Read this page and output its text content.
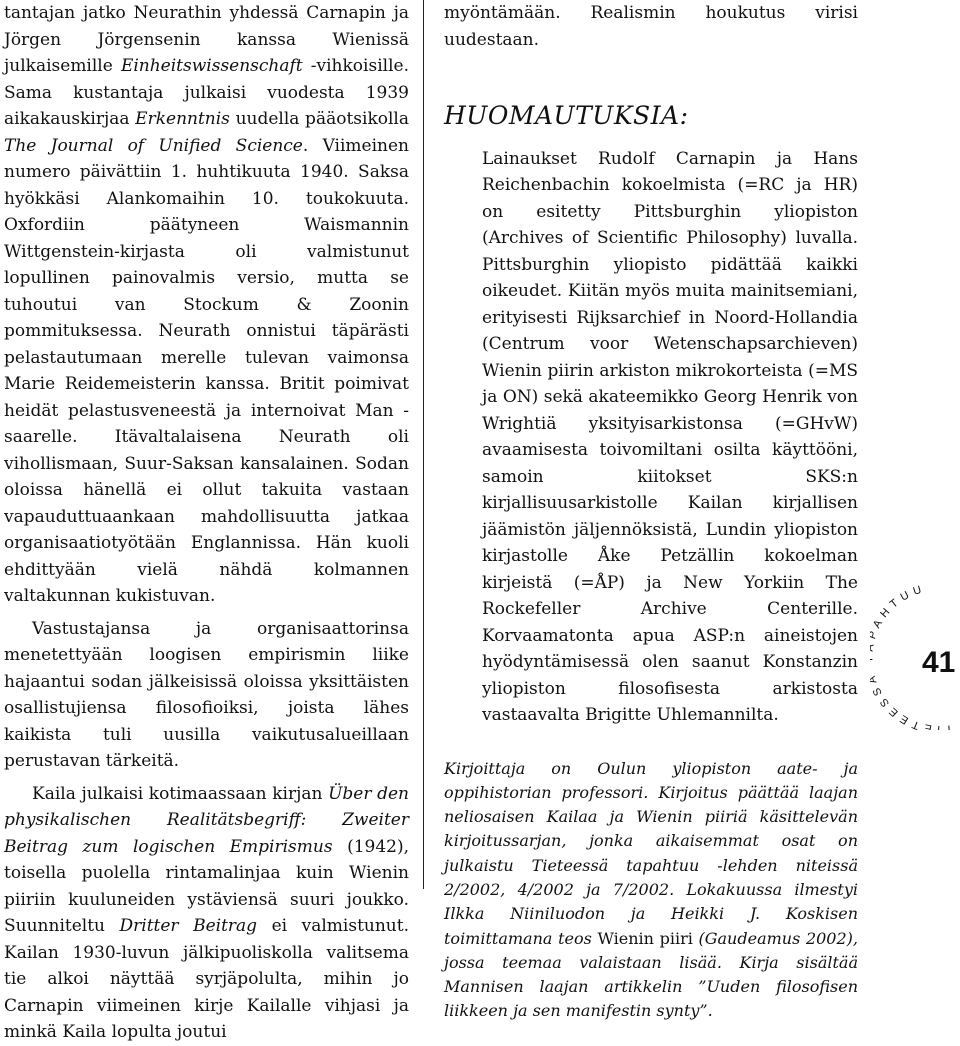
tantajan jatko Neurathin yhdessä Carnapin ja Jörgen Jörgensenin kanssa Wienissä julkaisemille Einheitswissenschaft -vihkoisille. Sama kustantaja julkaisi vuodesta 1939 aikakauskirjaa Erkenntnis uudella pääotsikolla The Journal of Unified Science. Viimeinen numero päivättiin 1. huhtikuuta 1940. Saksa hyökkäsi Alankomaihin 10. toukokuuta. Oxfordiin päätyneen Waismannin Wittgenstein-kirjasta oli valmistunut lopullinen painovalmis versio, mutta se tuhoutui van Stockum & Zoonin pommituksessa. Neurath onnistui täpärästi pelastautumaan merelle tulevan vaimonsa Marie Reidemeisterin kanssa. Britit poimivat heidät pelastusveneestä ja internoivat Man -saarelle. Itävaltalaisena Neurath oli vihollismaan, Suur-Saksan kansalainen. Sodan oloissa hänellä ei ollut takuita vastaan vapauduttuaankaan mahdollisuutta jatkaa organisaatiotyötään Englannissa. Hän kuoli ehdittyään vielä nähdä kolmannen valtakunnan kukistuvan.

Vastustajansa ja organisaattorinsa menetettyään loogisen empirismin liike hajaantui sodan jälkeisissä oloissa yksittäisten osallistujiensa filosofioiksi, joista lähes kaikista tuli uusilla vaikutusalueillaan perustavan tärkeitä.

Kaila julkaisi kotimaassaan kirjan Über den physikalischen Realitätsbegriff: Zweiter Beitrag zum logischen Empirismus (1942), toisella puolella rintamalinjaa kuin Wienin piiriin kuuluneiden ystäviensä suuri joukko. Suunniteltu Dritter Beitrag ei valmistunut. Kailan 1930-luvun jälkipuoliskolla valitsema tie alkoi näyttää syrjäpolulta, mihin jo Carnapin viimeinen kirje Kailalle vihjasi ja minkä Kaila lopulta joutui

myöntämään. Realismin houkutus virisi uudestaan.

HUOMAUTUKSIA:

Lainaukset Rudolf Carnapin ja Hans Reichenbachin kokoelmista (=RC ja HR) on esitetty Pittsburghin yliopiston (Archives of Scientific Philosophy) luvalla. Pittsburghin yliopisto pidättää kaikki oikeudet. Kiitän myös muita mainitsemiani, erityisesti Rijksarchief in Noord-Hollandia (Centrum voor Wetenschapsarchieven) Wienin piirin arkiston mikrokorteista (=MS ja ON) sekä akateemikko Georg Henrik von Wrightiä yksityisarkistonsa (=GHvW) avaamisesta toivomiltani osilta käyttööni, samoin kiitokset SKS:n kirjallisuusarkistolle Kailan kirjallisen jäämistön jäljennöksistä, Lundin yliopiston kirjastolle Åke Petzällin kokoelman kirjeistä (=ÅP) ja New Yorkiin The Rockefeller Archive Centerille. Korvaamatonta apua ASP:n aineistojen hyödyntämisessä olen saanut Konstanzin yliopiston filosofisesta arkistosta vastaavalta Brigitte Uhlemannilta.

Kirjoittaja on Oulun yliopiston aate- ja oppihistorian professori. Kirjoitus päättää laajan neliosaisen Kailaa ja Wienin piiriä käsittelevän kirjoitussarjan, jonka aikaisemmat osat on julkaistu Tieteessä tapahtuu -lehden niteissä 2/2002, 4/2002 ja 7/2002. Lokakuussa ilmestyi Ilkka Niiniluodon ja Heikki J. Koskisen toimittamana teos Wienin piiri (Gaudeamus 2002), jossa teemaa valaistaan lisää. Kirja sisältää Mannisen laajan artikkelin ”Uuden filosofisen liikkeen ja sen manifestin synty”.

TIETEESS AHTUU
41
